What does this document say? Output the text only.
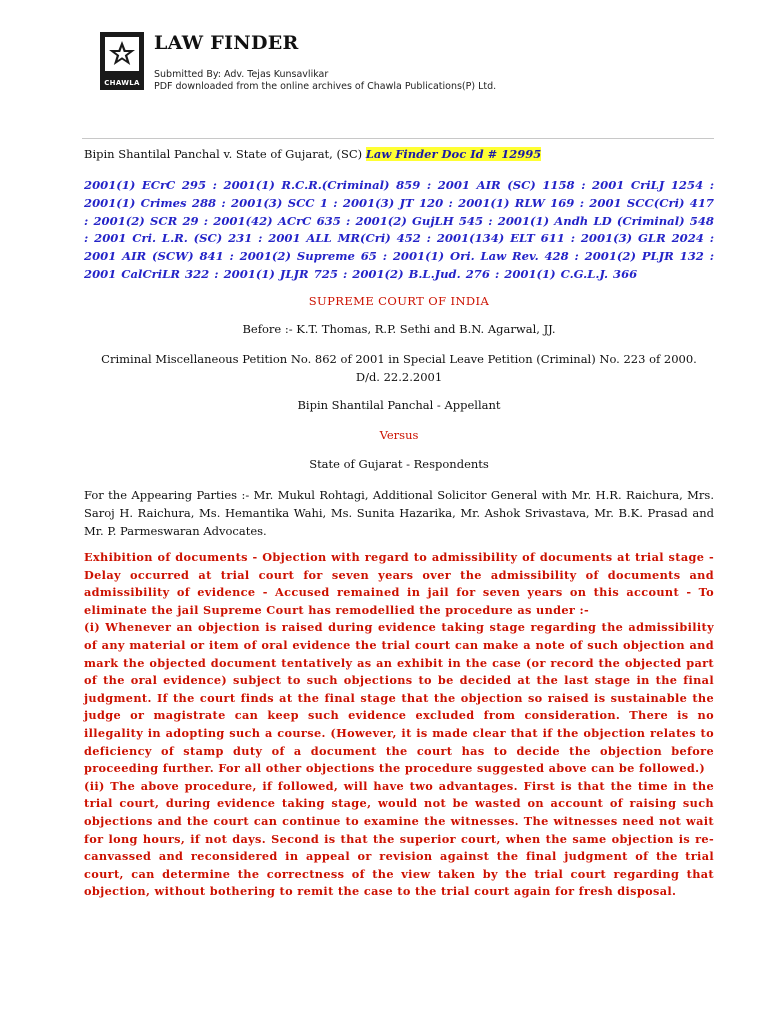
CHAWLA
LAW FINDER
Submitted By: Adv. Tejas Kunsavlikar
PDF downloaded from the online archives of Chawla Publications(P) Ltd.
Bipin Shantilal Panchal v. State of Gujarat, (SC) Law Finder Doc Id # 12995
2001(1) ECrC 295 : 2001(1) R.C.R.(Criminal) 859 : 2001 AIR (SC) 1158 : 2001 CriLJ 1254 : 2001(1) Crimes 288 : 2001(3) SCC 1 : 2001(3) JT 120 : 2001(1) RLW 169 : 2001 SCC(Cri) 417 : 2001(2) SCR 29 : 2001(42) ACrC 635 : 2001(2) GujLH 545 : 2001(1) Andh LD (Criminal) 548 : 2001 Cri. L.R. (SC) 231 : 2001 ALL MR(Cri) 452 : 2001(134) ELT 611 : 2001(3) GLR 2024 : 2001 AIR (SCW) 841 : 2001(2) Supreme 65 : 2001(1) Ori. Law Rev. 428 : 2001(2) PLJR 132 : 2001 CalCriLR 322 : 2001(1) JLJR 725 : 2001(2) B.L.Jud. 276 : 2001(1) C.G.L.J. 366
SUPREME COURT OF INDIA
Before :- K.T. Thomas, R.P. Sethi and B.N. Agarwal, JJ.
Criminal Miscellaneous Petition No. 862 of 2001 in Special Leave Petition (Criminal) No. 223 of 2000.
D/d. 22.2.2001
Bipin Shantilal Panchal - Appellant
Versus
State of Gujarat - Respondents
For the Appearing Parties :- Mr. Mukul Rohtagi, Additional Solicitor General with Mr. H.R. Raichura, Mrs. Saroj H. Raichura, Ms. Hemantika Wahi, Ms. Sunita Hazarika, Mr. Ashok Srivastava, Mr. B.K. Prasad and Mr. P. Parmeswaran Advocates.

Exhibition of documents - Objection with regard to admissibility of documents at trial stage - Delay occurred at trial court for seven years over the admissibility of documents and admissibility of evidence - Accused remained in jail for seven years on this account - To eliminate the jail Supreme Court has remodellied the procedure as under :-

(i) Whenever an objection is raised during evidence taking stage regarding the admissibility of any material or item of oral evidence the trial court can make a note of such objection and mark the objected document tentatively as an exhibit in the case (or record the objected part of the oral evidence) subject to such objections to be decided at the last stage in the final judgment. If the court finds at the final stage that the objection so raised is sustainable the judge or magistrate can keep such evidence excluded from consideration. There is no illegality in adopting such a course. (However, it is made clear that if the objection relates to deficiency of stamp duty of a document the court has to decide the objection before proceeding further. For all other objections the procedure suggested above can be followed.)

(ii) The above procedure, if followed, will have two advantages. First is that the time in the trial court, during evidence taking stage, would not be wasted on account of raising such objections and the court can continue to examine the witnesses. The witnesses need not wait for long hours, if not days. Second is that the superior court, when the same objection is re- canvassed and reconsidered in appeal or revision against the final judgment of the trial court, can determine the correctness of the view taken by the trial court regarding that objection, without bothering to remit the case to the trial court again for fresh disposal.
